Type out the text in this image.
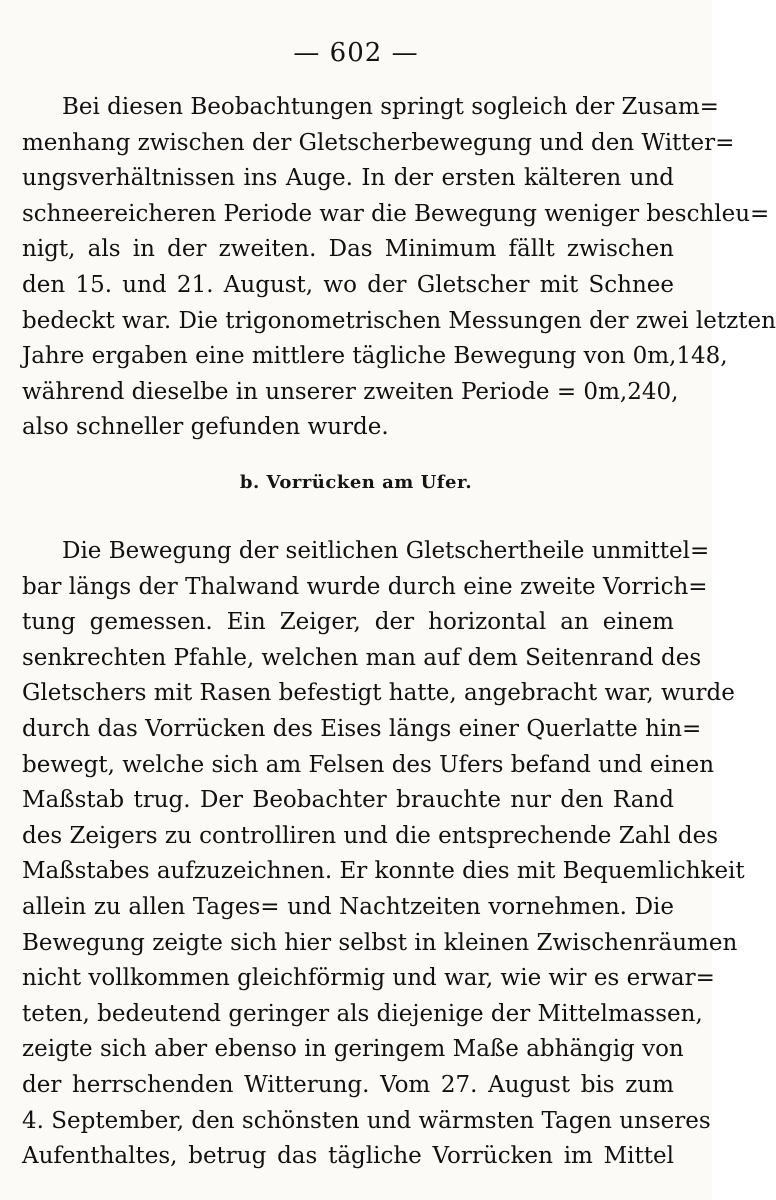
— 602 —
Bei diesen Beobachtungen springt sogleich der Zusam=
menhang zwischen der Gletscherbewegung und den Witter=
ungsverhältnissen ins Auge. In der ersten kälteren und
schneereicheren Periode war die Bewegung weniger beschleu=
nigt, als in der zweiten. Das Minimum fällt zwischen
den 15. und 21. August, wo der Gletscher mit Schnee
bedeckt war. Die trigonometrischen Messungen der zwei letzten
Jahre ergaben eine mittlere tägliche Bewegung von 0m,148,
während dieselbe in unserer zweiten Periode = 0m,240,
also schneller gefunden wurde.
b. Vorrücken am Ufer.
Die Bewegung der seitlichen Gletschertheile unmittel=
bar längs der Thalwand wurde durch eine zweite Vorrich=
tung gemessen. Ein Zeiger, der horizontal an einem
senkrechten Pfahle, welchen man auf dem Seitenrand des
Gletschers mit Rasen befestigt hatte, angebracht war, wurde
durch das Vorrücken des Eises längs einer Querlatte hin=
bewegt, welche sich am Felsen des Ufers befand und einen
Maßstab trug. Der Beobachter brauchte nur den Rand
des Zeigers zu controlliren und die entsprechende Zahl des
Maßstabes aufzuzeichnen. Er konnte dies mit Bequemlichkeit
allein zu allen Tages= und Nachtzeiten vornehmen. Die
Bewegung zeigte sich hier selbst in kleinen Zwischenräumen
nicht vollkommen gleichförmig und war, wie wir es erwar=
teten, bedeutend geringer als diejenige der Mittelmassen,
zeigte sich aber ebenso in geringem Maße abhängig von
der herrschenden Witterung. Vom 27. August bis zum
4. September, den schönsten und wärmsten Tagen unseres
Aufenthaltes, betrug das tägliche Vorrücken im Mittel
